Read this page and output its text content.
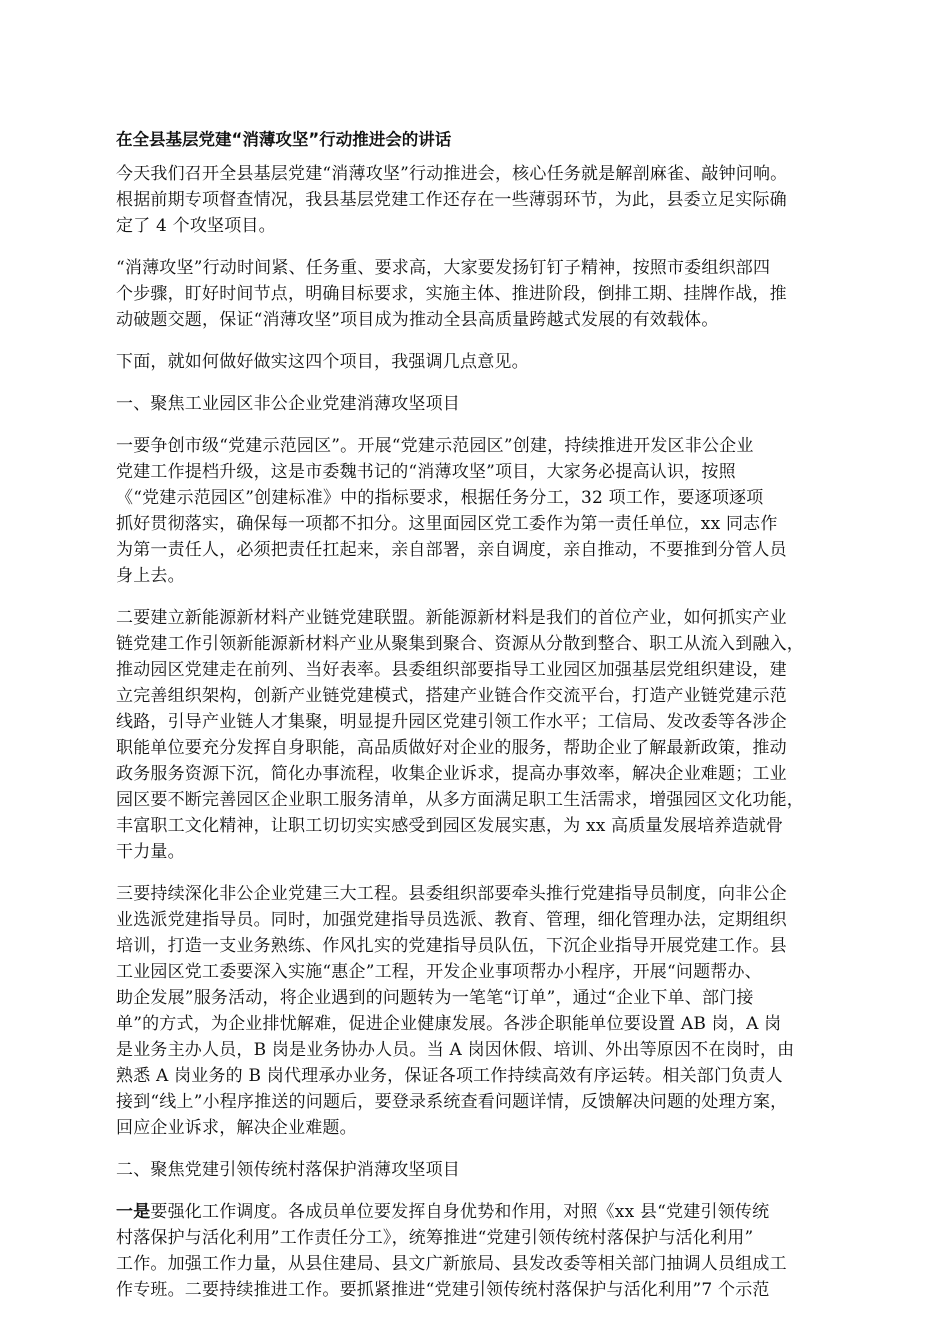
在全县基层党建“消薄攻坚”行动推进会的讲话
今天我们召开全县基层党建“消薄攻坚”行动推进会，核心任务就是解剖麻雀、敲钟问响。
根据前期专项督查情况，我县基层党建工作还存在一些薄弱环节，为此，县委立足实际确
定了 4 个攻坚项目。
“消薄攻坚”行动时间紧、任务重、要求高，大家要发扬钉钉子精神，按照市委组织部四
个步骤，盯好时间节点，明确目标要求，实施主体、推进阶段，倒排工期、挂牌作战，推
动破题交题，保证“消薄攻坚”项目成为推动全县高质量跨越式发展的有效载体。
下面，就如何做好做实这四个项目，我强调几点意见。
一、聚焦工业园区非公企业党建消薄攻坚项目
一要争创市级“党建示范园区”。开展“党建示范园区”创建，持续推进开发区非公企业
党建工作提档升级，这是市委魏书记的“消薄攻坚”项目，大家务必提高认识，按照
《“党建示范园区”创建标准》中的指标要求，根据任务分工，32 项工作，要逐项逐项
抓好贯彻落实，确保每一项都不扣分。这里面园区党工委作为第一责任单位，xx 同志作
为第一责任人，必须把责任扛起来，亲自部署，亲自调度，亲自推动，不要推到分管人员
身上去。
二要建立新能源新材料产业链党建联盟。新能源新材料是我们的首位产业，如何抓实产业
链党建工作引领新能源新材料产业从聚集到聚合、资源从分散到整合、职工从流入到融入，
推动园区党建走在前列、当好表率。县委组织部要指导工业园区加强基层党组织建设，建
立完善组织架构，创新产业链党建模式，搭建产业链合作交流平台，打造产业链党建示范
线路，引导产业链人才集聚，明显提升园区党建引领工作水平；工信局、发改委等各涉企
职能单位要充分发挥自身职能，高品质做好对企业的服务，帮助企业了解最新政策，推动
政务服务资源下沉，简化办事流程，收集企业诉求，提高办事效率，解决企业难题；工业
园区要不断完善园区企业职工服务清单，从多方面满足职工生活需求，增强园区文化功能，
丰富职工文化精神，让职工切切实实感受到园区发展实惠，为 xx 高质量发展培养造就骨
干力量。
三要持续深化非公企业党建三大工程。县委组织部要牵头推行党建指导员制度，向非公企
业选派党建指导员。同时，加强党建指导员选派、教育、管理，细化管理办法，定期组织
培训，打造一支业务熟练、作风扎实的党建指导员队伍，下沉企业指导开展党建工作。县
工业园区党工委要深入实施“惠企”工程，开发企业事项帮办小程序，开展“问题帮办、
助企发展”服务活动，将企业遇到的问题转为一笔笔“订单”，通过“企业下单、部门接
单”的方式，为企业排忧解难，促进企业健康发展。各涉企职能单位要设置 AB 岗，A 岗
是业务主办人员，B 岗是业务协办人员。当 A 岗因休假、培训、外出等原因不在岗时，由
熟悉 A 岗业务的 B 岗代理承办业务，保证各项工作持续高效有序运转。相关部门负责人
接到“线上”小程序推送的问题后，要登录系统查看问题详情，反馈解决问题的处理方案，
回应企业诉求，解决企业难题。
二、聚焦党建引领传统村落保护消薄攻坚项目
一是要强化工作调度。各成员单位要发挥自身优势和作用，对照《xx 县“党建引领传统
村落保护与活化利用”工作责任分工》，统筹推进“党建引领传统村落保护与活化利用”
工作。加强工作力量，从县住建局、县文广新旅局、县发改委等相关部门抽调人员组成工
作专班。二要持续推进工作。要抓紧推进“党建引领传统村落保护与活化利用”7 个示范
